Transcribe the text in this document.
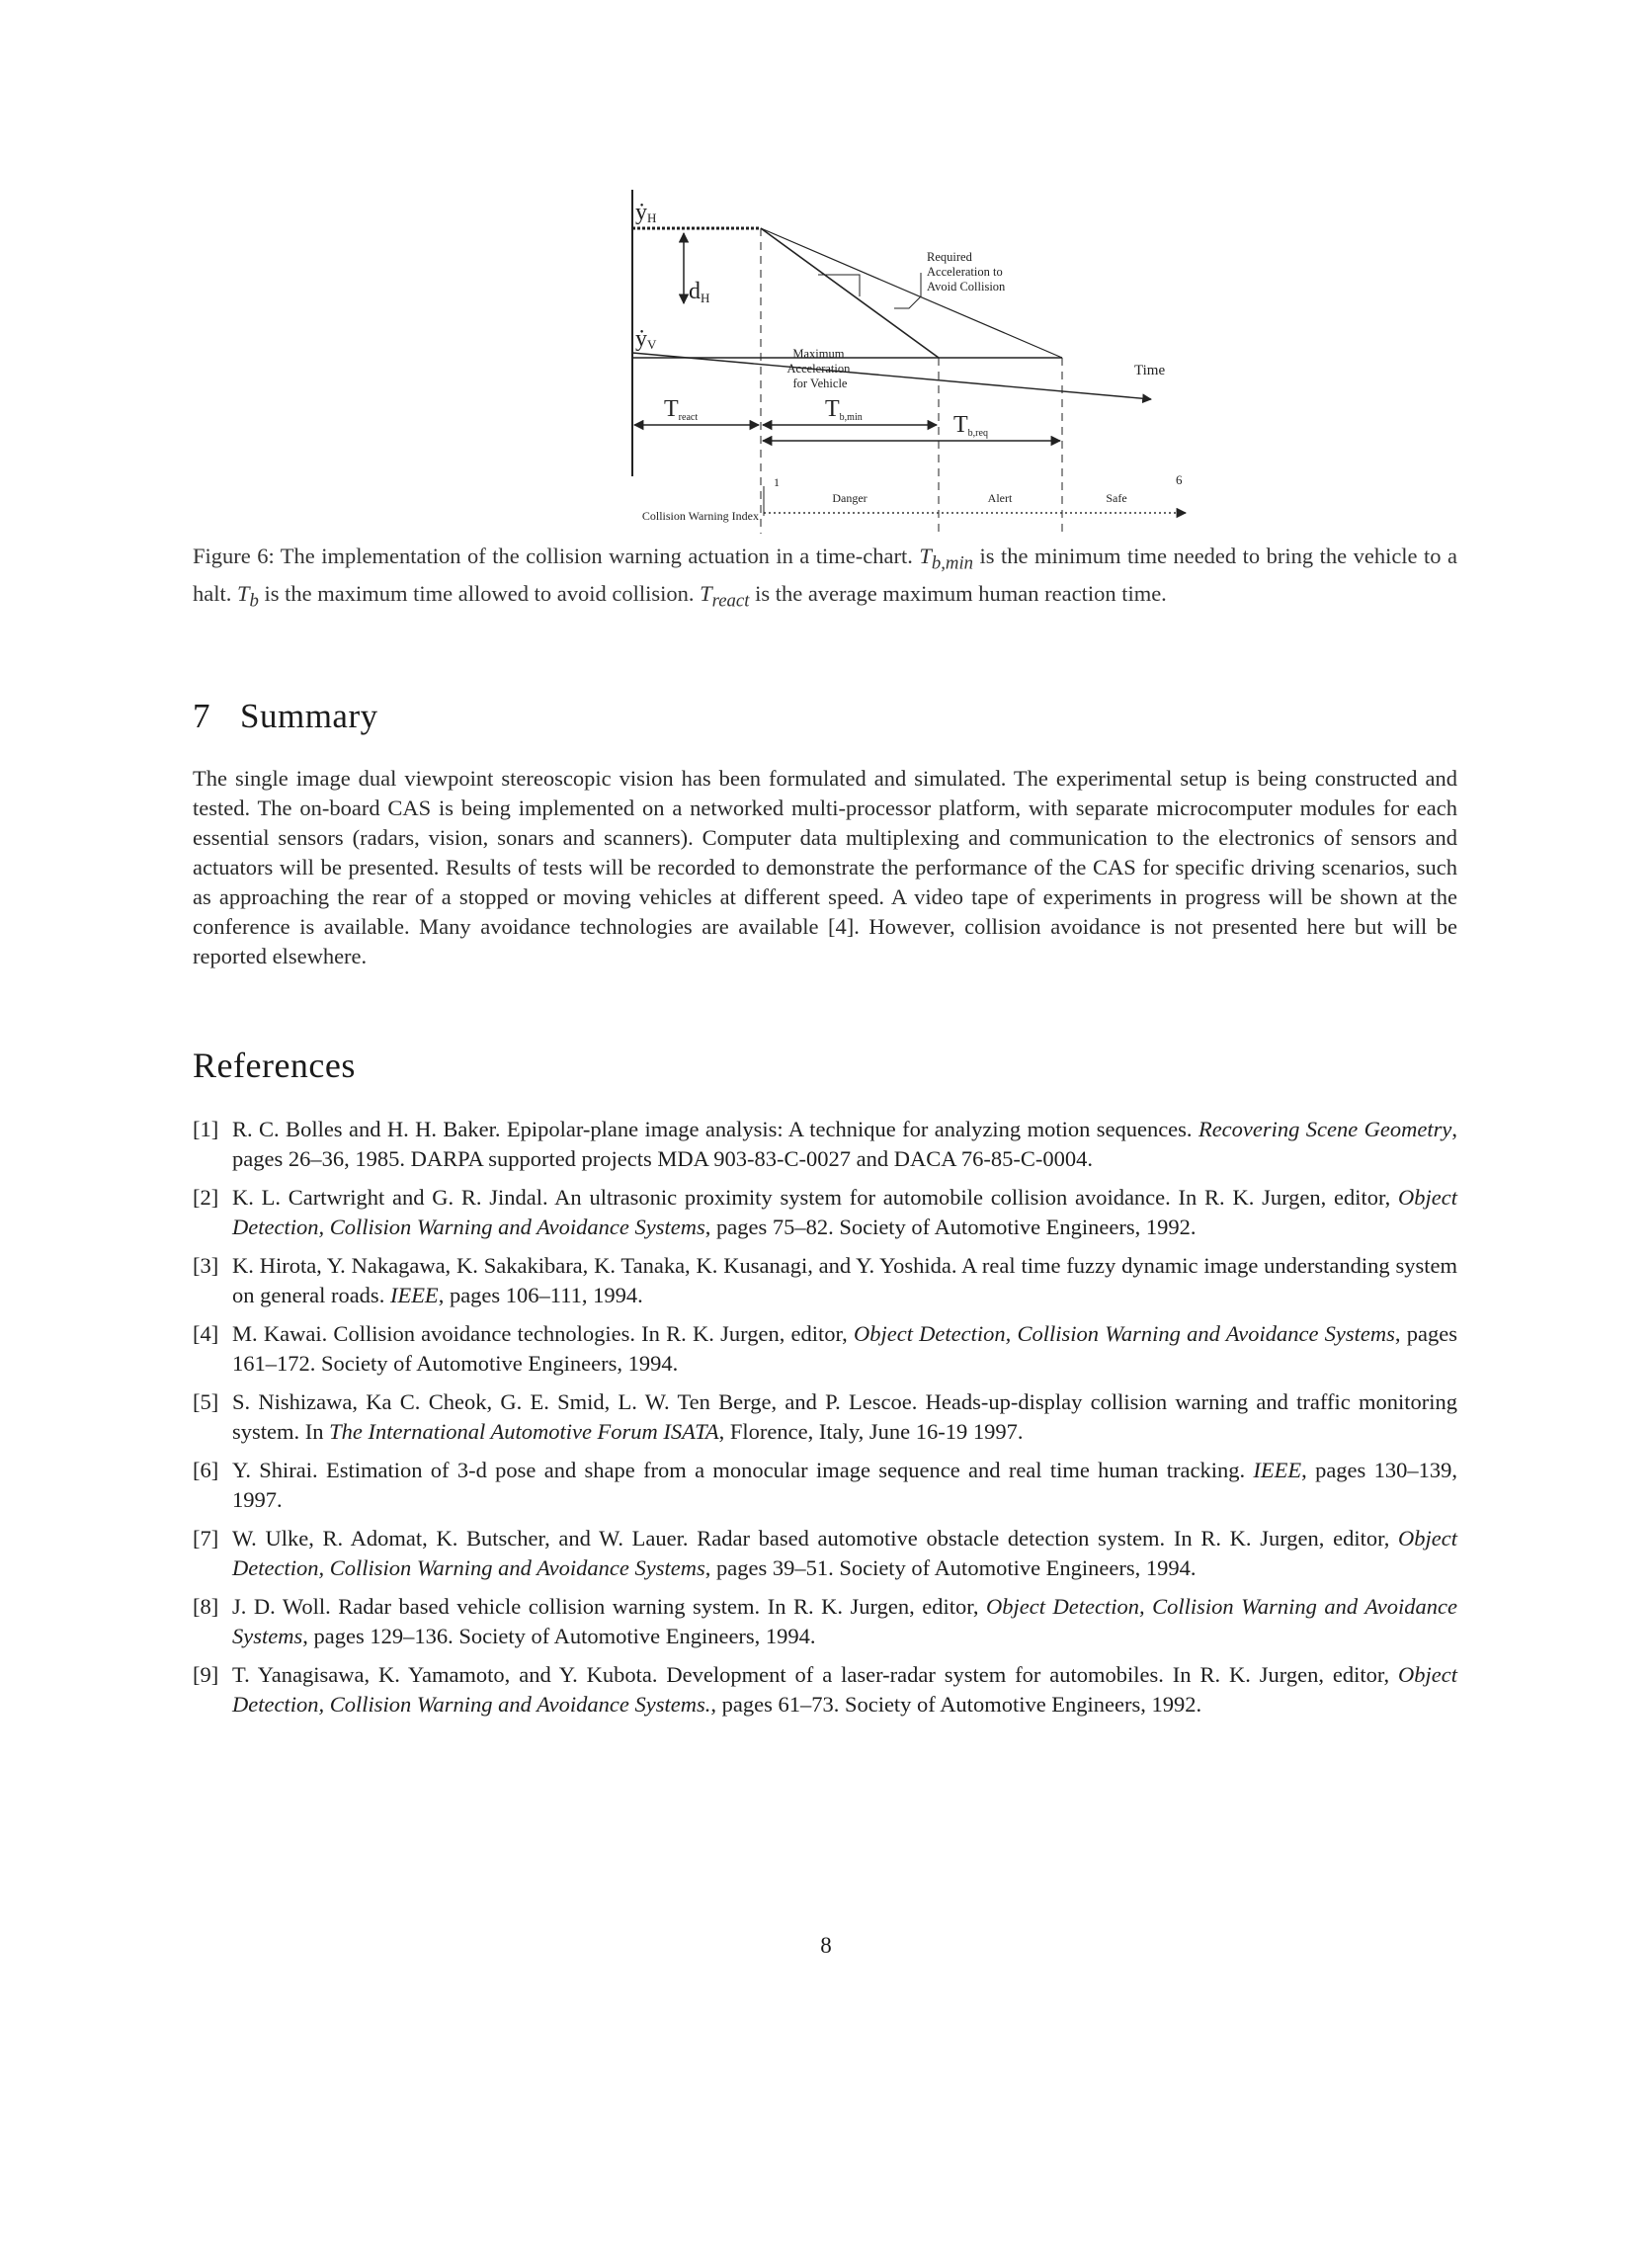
ẏH
ẏV
dH
Required Acceleration to Avoid Collision
Maximum Acceleration for Vehicle
Time
Treact	Tb,min	Tb,req
Collision Warning Index
1
Danger	Alert	Safe
6

Figure 6: The implementation of the collision warning actuation in a time-chart. $T_{b,min}$ is the minimum time needed to bring the vehicle to a halt. $T_b$ is the maximum time allowed to avoid collision. $T_{react}$ is the average maximum human reaction time.

7 Summary

The single image dual viewpoint stereoscopic vision has been formulated and simulated. The experimental setup is being constructed and tested. The on-board CAS is being implemented on a networked multi-processor platform, with separate microcomputer modules for each essential sensors (radars, vision, sonars and scanners). Computer data multiplexing and communication to the electronics of sensors and actuators will be presented. Results of tests will be recorded to demonstrate the performance of the CAS for specific driving scenarios, such as approaching the rear of a stopped or moving vehicles at different speed. A video tape of experiments in progress will be shown at the conference is available. Many avoidance technologies are available [4]. However, collision avoidance is not presented here but will be reported elsewhere.

References
[1] R. C. Bolles and H. H. Baker. Epipolar-plane image analysis: A technique for analyzing motion sequences. Recovering Scene Geometry, pages 26–36, 1985. DARPA supported projects MDA 903-83-C-0027 and DACA 76-85-C-0004.
[2] K. L. Cartwright and G. R. Jindal. An ultrasonic proximity system for automobile collision avoidance. In R. K. Jurgen, editor, Object Detection, Collision Warning and Avoidance Systems, pages 75–82. Society of Automotive Engineers, 1992.
[3] K. Hirota, Y. Nakagawa, K. Sakakibara, K. Tanaka, K. Kusanagi, and Y. Yoshida. A real time fuzzy dynamic image understanding system on general roads. IEEE, pages 106–111, 1994.
[4] M. Kawai. Collision avoidance technologies. In R. K. Jurgen, editor, Object Detection, Collision Warning and Avoidance Systems, pages 161–172. Society of Automotive Engineers, 1994.
[5] S. Nishizawa, Ka C. Cheok, G. E. Smid, L. W. Ten Berge, and P. Lescoe. Heads-up-display collision warning and traffic monitoring system. In The International Automotive Forum ISATA, Florence, Italy, June 16-19 1997.
[6] Y. Shirai. Estimation of 3-d pose and shape from a monocular image sequence and real time human tracking. IEEE, pages 130–139, 1997.
[7] W. Ulke, R. Adomat, K. Butscher, and W. Lauer. Radar based automotive obstacle detection system. In R. K. Jurgen, editor, Object Detection, Collision Warning and Avoidance Systems, pages 39–51. Society of Automotive Engineers, 1994.
[8] J. D. Woll. Radar based vehicle collision warning system. In R. K. Jurgen, editor, Object Detection, Collision Warning and Avoidance Systems, pages 129–136. Society of Automotive Engineers, 1994.
[9] T. Yanagisawa, K. Yamamoto, and Y. Kubota. Development of a laser-radar system for automobiles. In R. K. Jurgen, editor, Object Detection, Collision Warning and Avoidance Systems., pages 61–73. Society of Automotive Engineers, 1992.
8
